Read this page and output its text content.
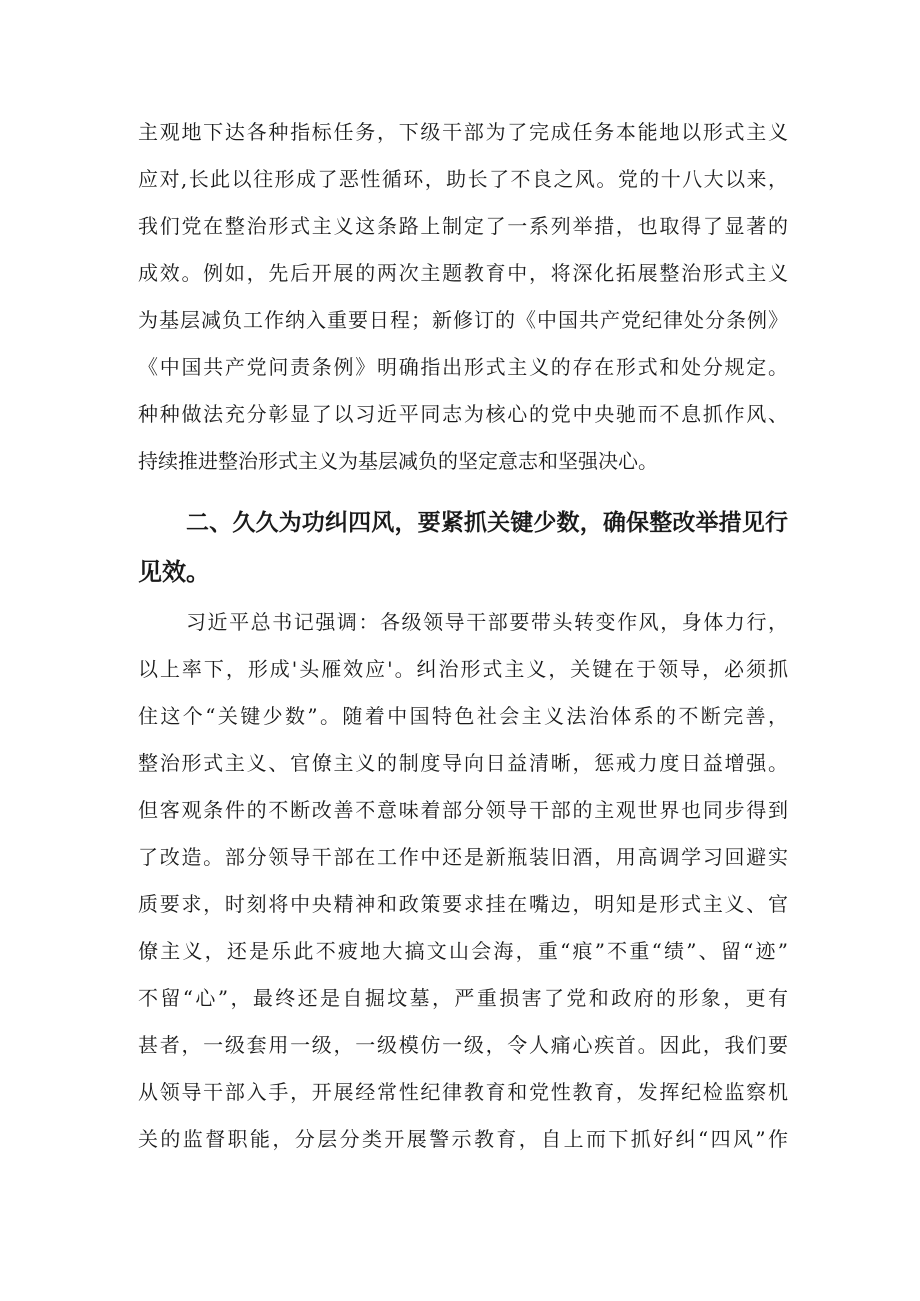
主观地下达各种指标任务，下级干部为了完成任务本能地以形式主义
应对,长此以往形成了恶性循环，助长了不良之风。党的十八大以来，
我们党在整治形式主义这条路上制定了一系列举措，也取得了显著的
成效。例如，先后开展的两次主题教育中，将深化拓展整治形式主义
为基层减负工作纳入重要日程；新修订的《中国共产党纪律处分条例》
《中国共产党问责条例》明确指出形式主义的存在形式和处分规定。
种种做法充分彰显了以习近平同志为核心的党中央驰而不息抓作风、
持续推进整治形式主义为基层减负的坚定意志和坚强决心。
二、久久为功纠四风，要紧抓关键少数，确保整改举措见行
见效。
习近平总书记强调：各级领导干部要带头转变作风，身体力行，
以上率下，形成'头雁效应'。纠治形式主义，关键在于领导，必须抓
住这个“关键少数”。随着中国特色社会主义法治体系的不断完善，
整治形式主义、官僚主义的制度导向日益清晰，惩戒力度日益增强。
但客观条件的不断改善不意味着部分领导干部的主观世界也同步得到
了改造。部分领导干部在工作中还是新瓶装旧酒，用高调学习回避实
质要求，时刻将中央精神和政策要求挂在嘴边，明知是形式主义、官
僚主义，还是乐此不疲地大搞文山会海，重“痕”不重“绩”、留“迹”
不留“心”，最终还是自掘坟墓，严重损害了党和政府的形象，更有
甚者，一级套用一级，一级模仿一级，令人痛心疾首。因此，我们要
从领导干部入手，开展经常性纪律教育和党性教育，发挥纪检监察机
关的监督职能，分层分类开展警示教育，自上而下抓好纠“四风”作
